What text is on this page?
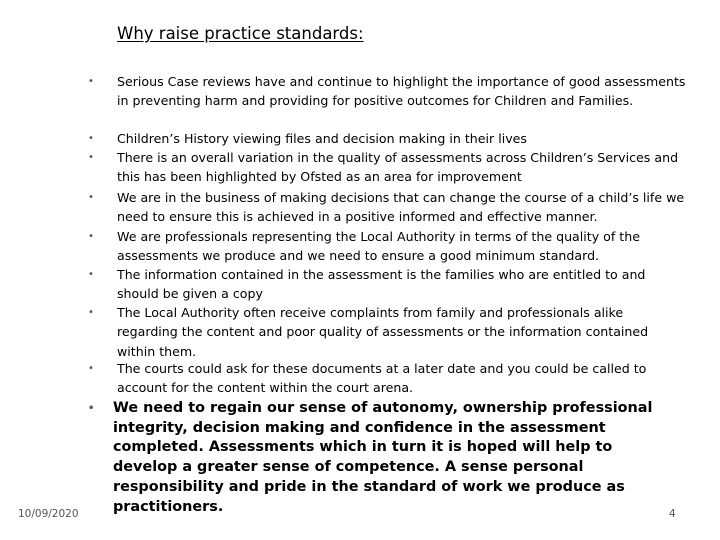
Why raise practice standards:
• Serious Case reviews have and continue to highlight the importance of good assessments in preventing harm and providing for positive outcomes for Children and Families.
• Children’s History viewing files and decision making in their lives
• There is an overall variation in the quality of assessments across Children’s Services and this has been highlighted by Ofsted as an area for improvement
• We are in the business of making decisions that can change the course of a child’s life we need to ensure this is achieved in a positive informed and effective manner.
• We are professionals representing the Local Authority in terms of the quality of the assessments we produce and we need to ensure a good minimum standard.
• The information contained in the assessment is the families who are entitled to and should be given a copy
• The Local Authority often receive complaints from family and professionals alike regarding the content and poor quality of assessments or the information contained within them.
• The courts could ask for these documents at a later date and you could be called to account for the content within the court arena.
• We need to regain our sense of autonomy, ownership professional integrity, decision making and confidence in the assessment completed. Assessments which in turn it is hoped will help to develop a greater sense of competence. A sense personal responsibility and pride in the standard of work we produce as practitioners.
10/09/2020	4
